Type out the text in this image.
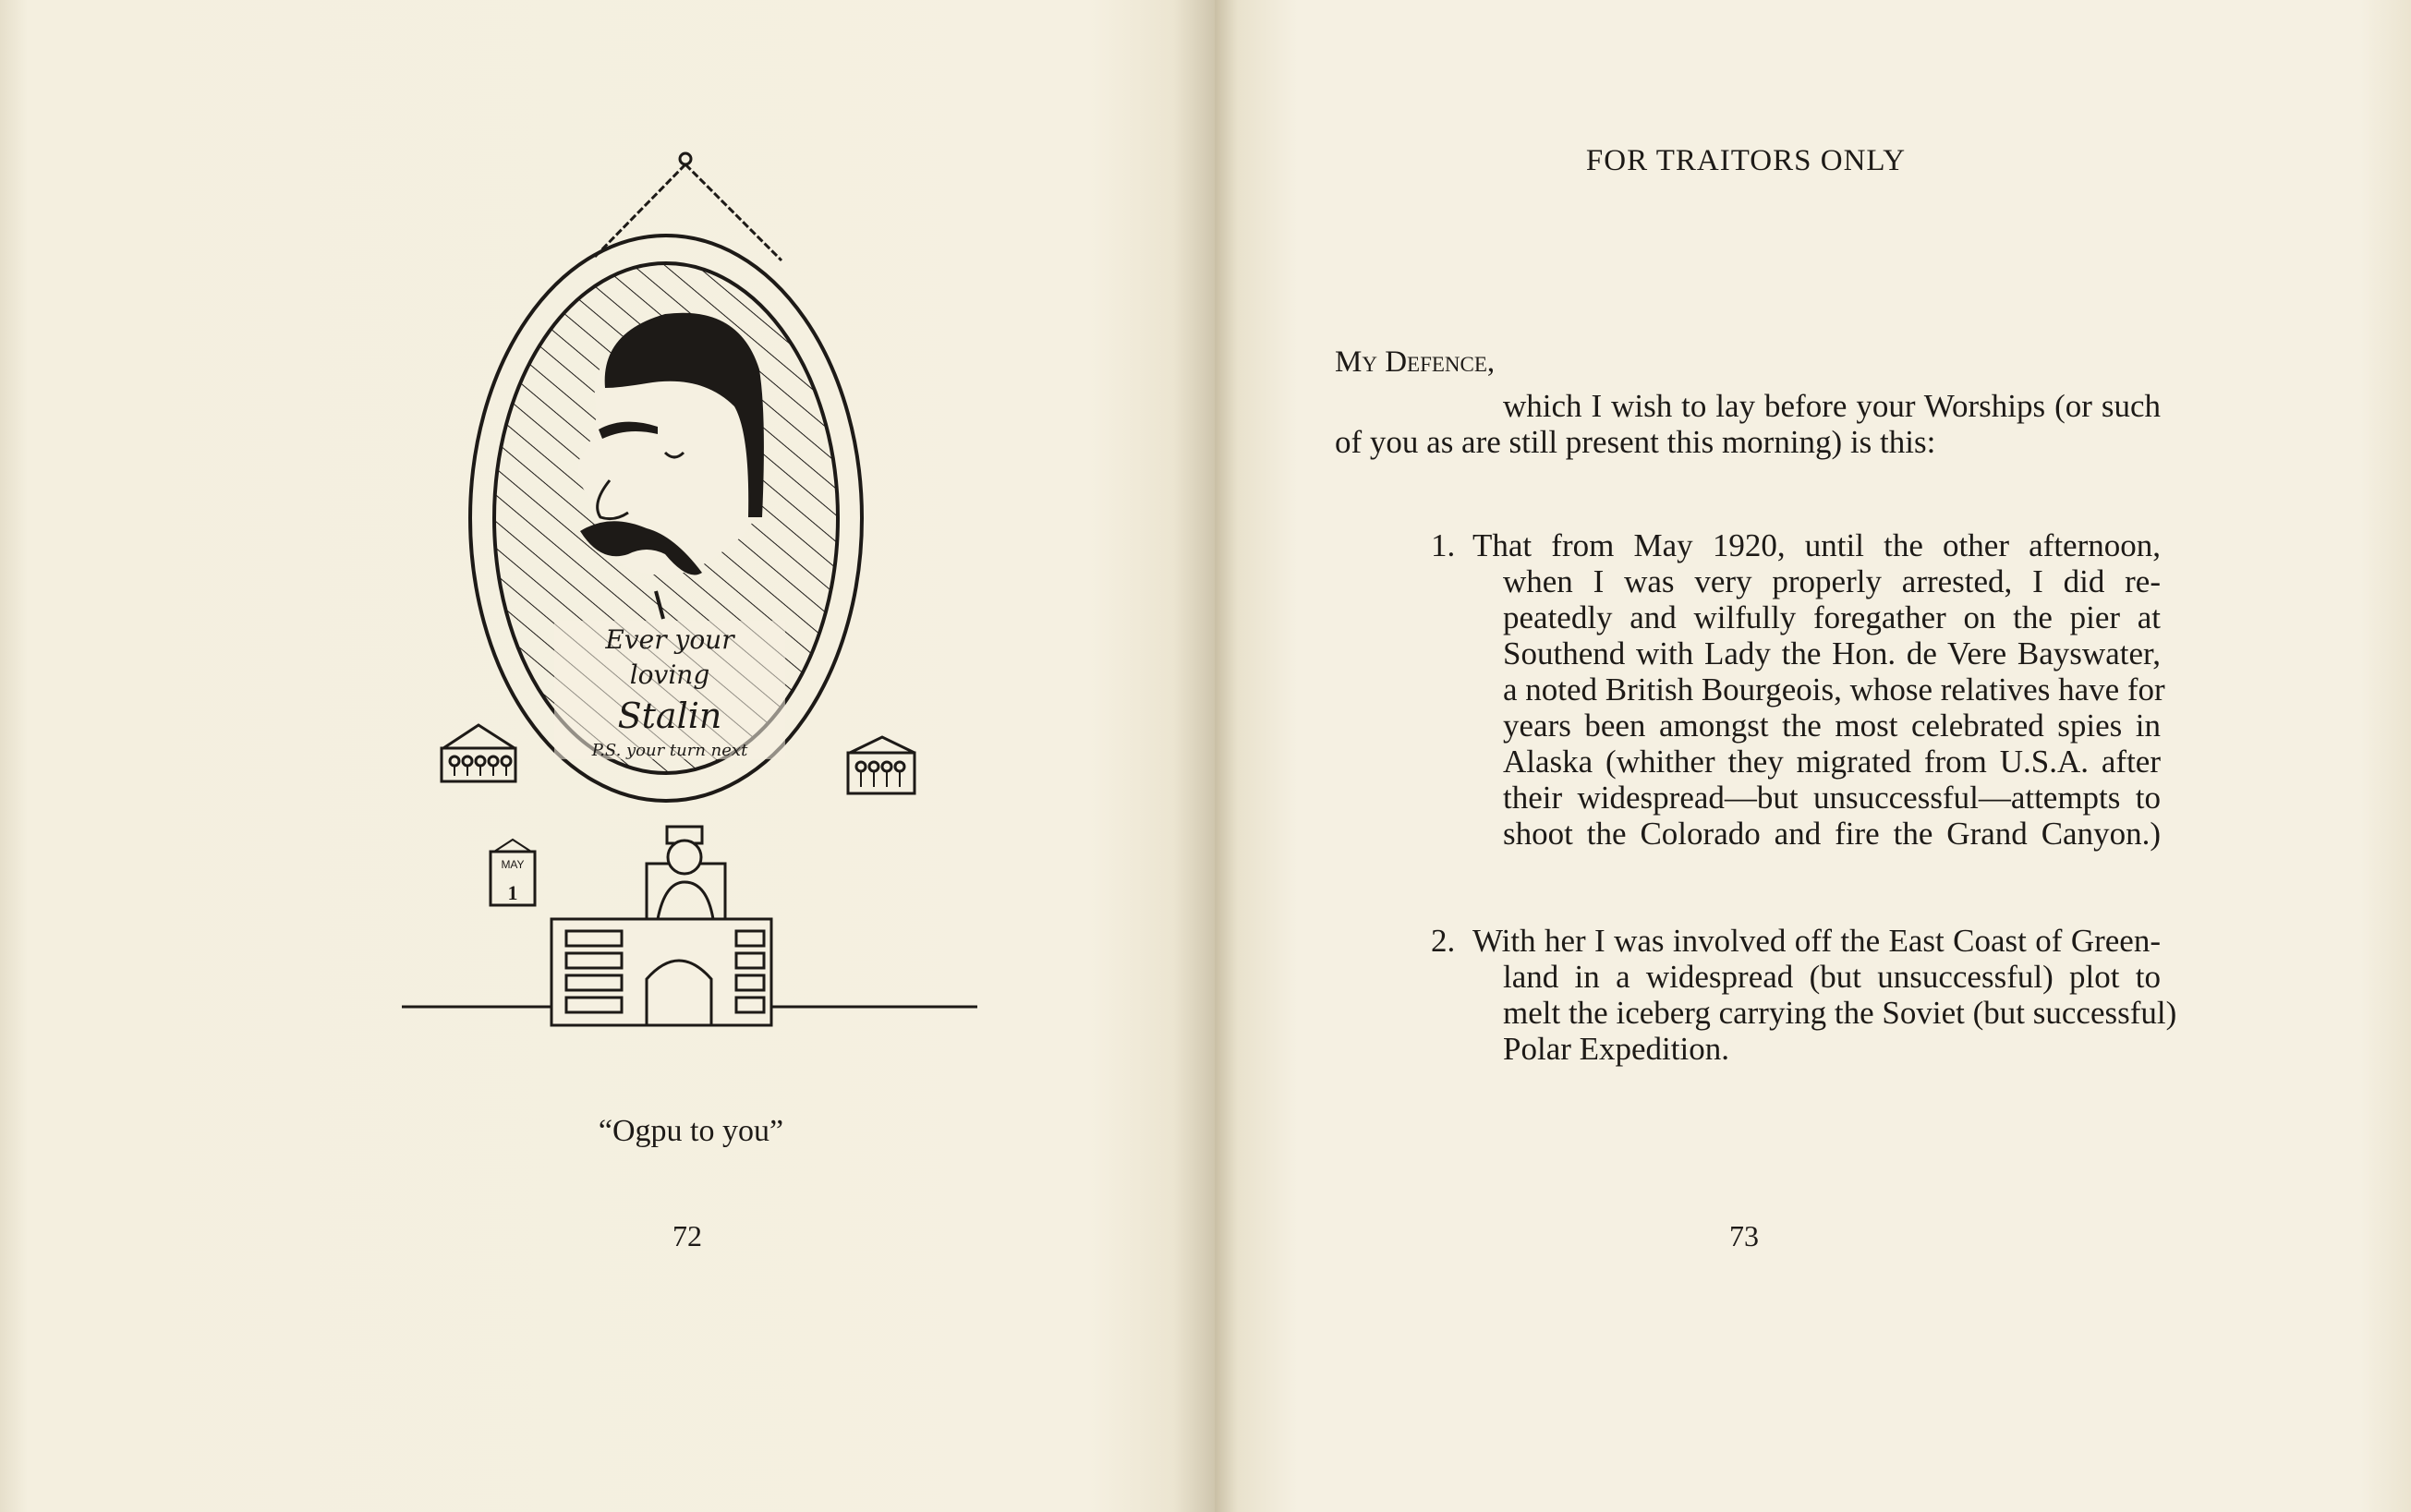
Ever your
loving
Stalin
P.S. your turn next
MAY
1
“Ogpu to you”
72
FOR TRAITORS ONLY
My Defence,
which I wish to lay before your Worships (or such
of you as are still present this morning) is this:
1. That from May 1920, until the other afternoon,
when I was very properly arrested, I did re-
peatedly and wilfully foregather on the pier at
Southend with Lady the Hon. de Vere Bayswater,
a noted British Bourgeois, whose relatives have for
years been amongst the most celebrated spies in
Alaska (whither they migrated from U.S.A. after
their widespread—but unsuccessful—attempts to
shoot the Colorado and fire the Grand Canyon.)
2. With her I was involved off the East Coast of Green-
land in a widespread (but unsuccessful) plot to
melt the iceberg carrying the Soviet (but successful)
Polar Expedition.
73
